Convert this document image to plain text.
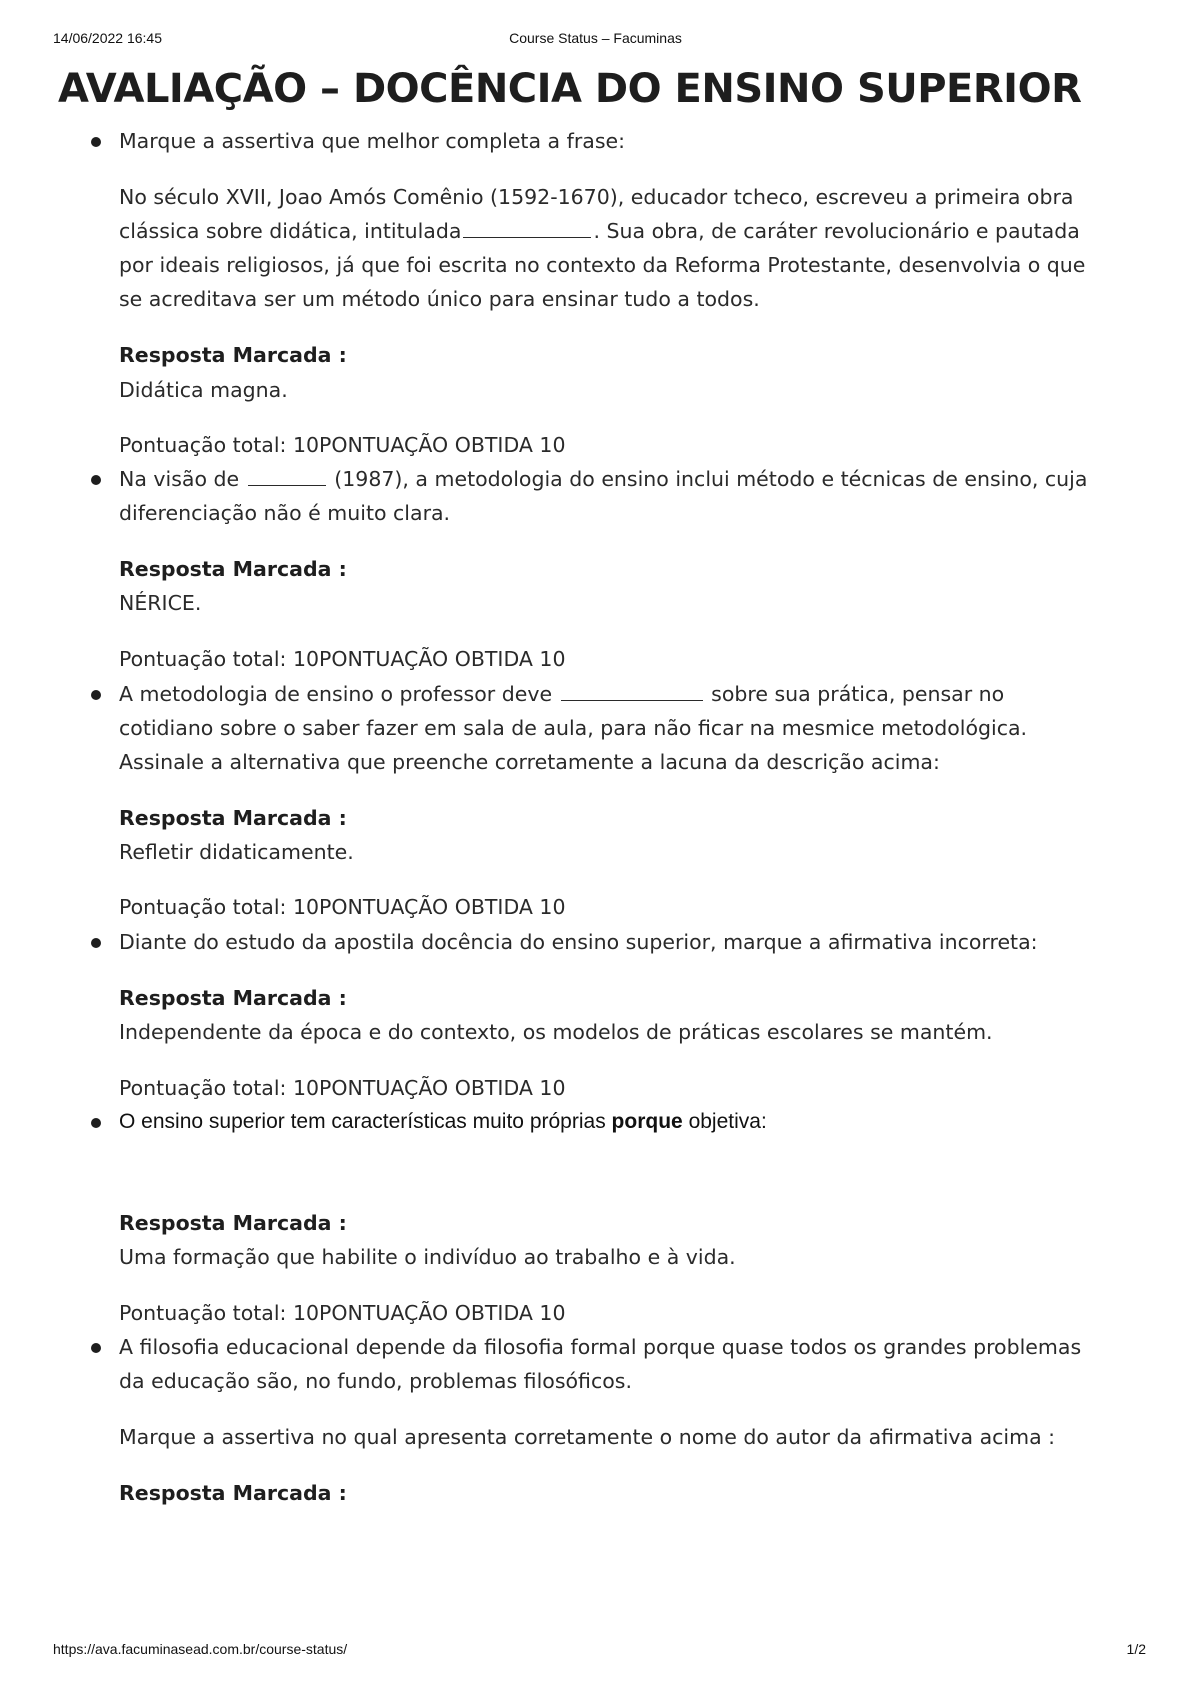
14/06/2022 16:45	Course Status – Facuminas
AVALIAÇÃO – DOCÊNCIA DO ENSINO SUPERIOR

Marque a assertiva que melhor completa a frase:

No século XVII, Joao Amós Comênio (1592-1670), educador tcheco, escreveu a primeira obra

clássica sobre didática, intitulada	. Sua obra, de caráter revolucionário e pautada

por ideais religiosos, já que foi escrita no contexto da Reforma Protestante, desenvolvia o que

se acreditava ser um método único para ensinar tudo a todos.

Resposta Marcada :

Didática magna.

Pontuação total: 10PONTUAÇÃO OBTIDA 10

Na visão de	(1987), a metodologia do ensino inclui método e técnicas de ensino, cuja

diferenciação não é muito clara.

Resposta Marcada :

NÉRICE.

Pontuação total: 10PONTUAÇÃO OBTIDA 10

A metodologia de ensino o professor deve	sobre sua prática, pensar no

cotidiano sobre o saber fazer em sala de aula, para não ficar na mesmice metodológica.

Assinale a alternativa que preenche corretamente a lacuna da descrição acima:

Resposta Marcada :

Refletir didaticamente.

Pontuação total: 10PONTUAÇÃO OBTIDA 10

Diante do estudo da apostila docência do ensino superior, marque a afirmativa incorreta:

Resposta Marcada :

Independente da época e do contexto, os modelos de práticas escolares se mantém.

Pontuação total: 10PONTUAÇÃO OBTIDA 10

O ensino superior tem características muito próprias porque objetiva:

Resposta Marcada :

Uma formação que habilite o indivíduo ao trabalho e à vida.

Pontuação total: 10PONTUAÇÃO OBTIDA 10

A filosofia educacional depende da filosofia formal porque quase todos os grandes problemas

da educação são, no fundo, problemas filosóficos.

Marque a assertiva no qual apresenta corretamente o nome do autor da afirmativa acima :

Resposta Marcada :

https://ava.facuminasead.com.br/course-status/	1/2
